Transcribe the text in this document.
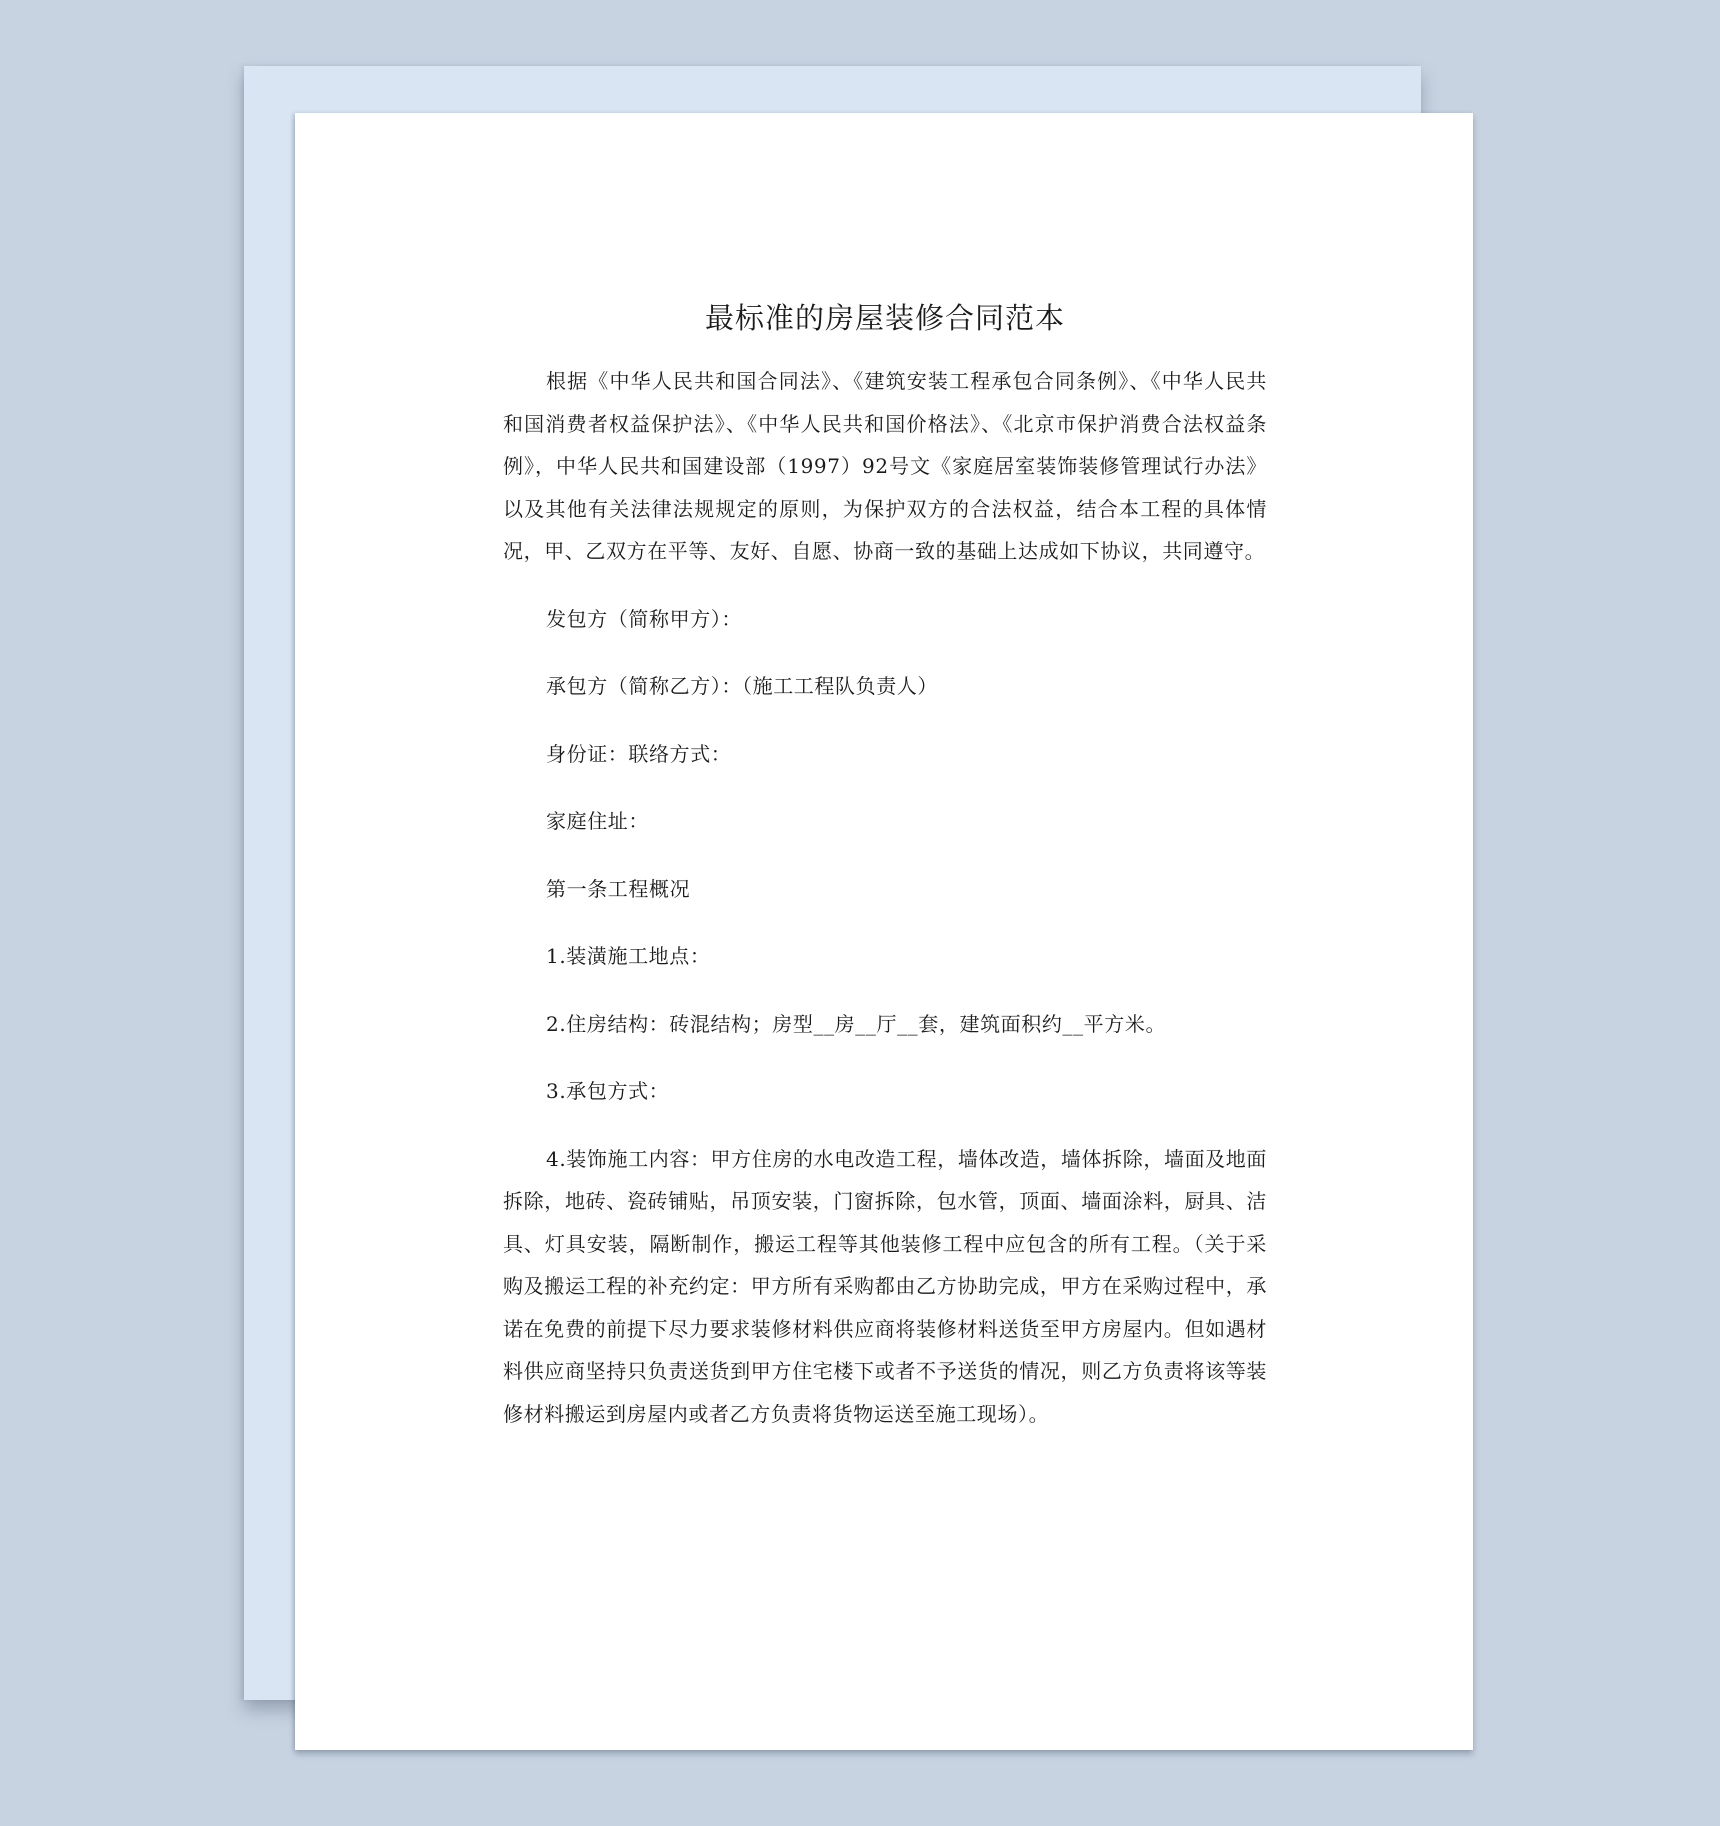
最标准的房屋装修合同范本

根据《中华人民共和国合同法》、《建筑安装工程承包合同条例》、《中华人民共和国消费者权益保护法》、《中华人民共和国价格法》、《北京市保护消费合法权益条例》，中华人民共和国建设部（1997）92号文《家庭居室装饰装修管理试行办法》以及其他有关法律法规规定的原则，为保护双方的合法权益，结合本工程的具体情况，甲、乙双方在平等、友好、自愿、协商一致的基础上达成如下协议，共同遵守。

发包方（简称甲方）：

承包方（简称乙方）：（施工工程队负责人）

身份证：联络方式：

家庭住址：

第一条工程概况

1.装潢施工地点：

2.住房结构：砖混结构；房型__房__厅__套，建筑面积约__平方米。

3.承包方式：

4.装饰施工内容：甲方住房的水电改造工程，墙体改造，墙体拆除，墙面及地面拆除，地砖、瓷砖铺贴，吊顶安装，门窗拆除，包水管，顶面、墙面涂料，厨具、洁具、灯具安装，隔断制作，搬运工程等其他装修工程中应包含的所有工程。（关于采购及搬运工程的补充约定：甲方所有采购都由乙方协助完成，甲方在采购过程中，承诺在免费的前提下尽力要求装修材料供应商将装修材料送货至甲方房屋内。但如遇材料供应商坚持只负责送货到甲方住宅楼下或者不予送货的情况，则乙方负责将该等装修材料搬运到房屋内或者乙方负责将货物运送至施工现场）。
